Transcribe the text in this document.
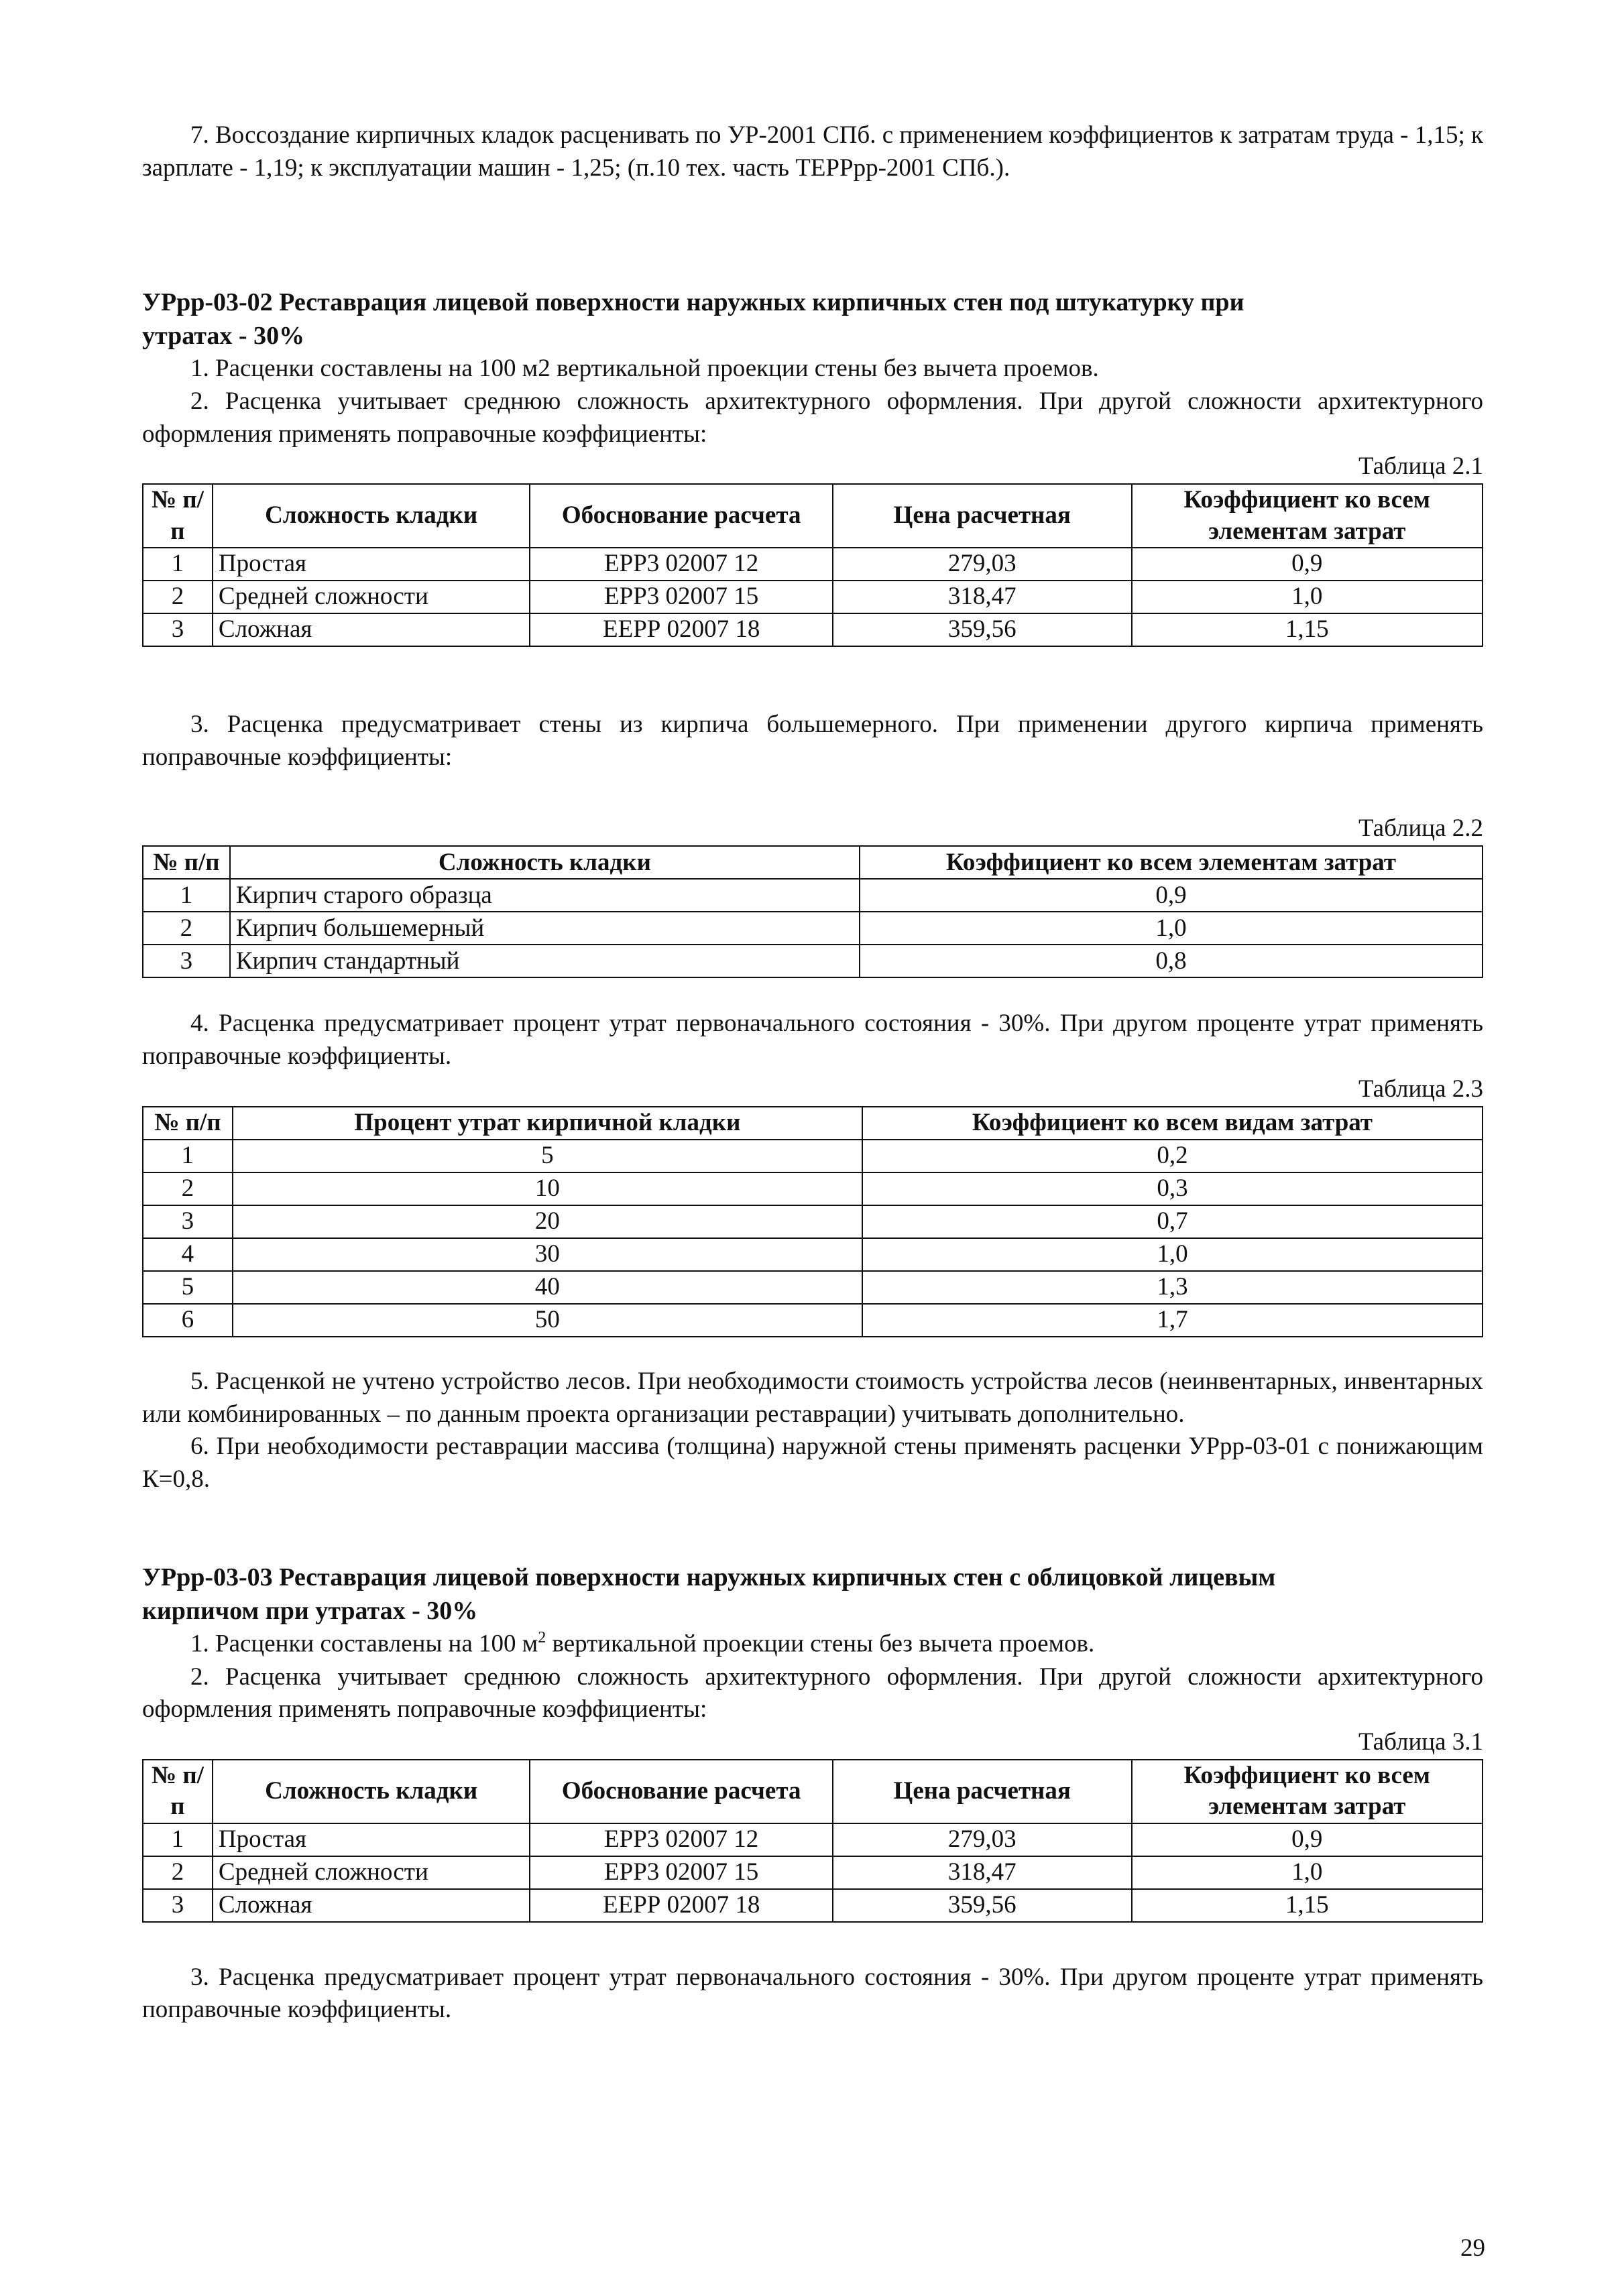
7. Воссоздание кирпичных кладок расценивать по УР-2001 СПб. с применением коэффициентов к затратам труда - 1,15; к зарплате - 1,19; к эксплуатации машин - 1,25; (п.10 тех. часть ТЕРРрр-2001 СПб.).

УРрр-03-02 Реставрация лицевой поверхности наружных кирпичных стен под штукатурку при
утратах - 30%

1. Расценки составлены на 100 м2 вертикальной проекции стены без вычета проемов.

2. Расценка учитывает среднюю сложность архитектурного оформления. При другой сложности архитектурного оформления применять поправочные коэффициенты:

Таблица 2.1

№ п/п	Сложность кладки	Обоснование расчета	Цена расчетная	Коэффициент ко всем элементам затрат
1	Простая	ЕРР3 02007 12	279,03	0,9
2	Средней сложности	ЕРР3 02007 15	318,47	1,0
3	Сложная	ЕЕРР 02007 18	359,56	1,15

3. Расценка предусматривает стены из кирпича большемерного. При применении другого кирпича применять поправочные коэффициенты:

Таблица 2.2

№ п/п	Сложность кладки	Коэффициент ко всем элементам затрат
1	Кирпич старого образца	0,9
2	Кирпич большемерный	1,0
3	Кирпич стандартный	0,8

4. Расценка предусматривает процент утрат первоначального состояния - 30%. При другом проценте утрат применять поправочные коэффициенты.

Таблица 2.3

№ п/п	Процент утрат кирпичной кладки	Коэффициент ко всем видам затрат
1	5	0,2
2	10	0,3
3	20	0,7
4	30	1,0
5	40	1,3
6	50	1,7

5. Расценкой не учтено устройство лесов. При необходимости стоимость устройства лесов (неинвентарных, инвентарных или комбинированных – по данным проекта организации реставрации) учитывать дополнительно.

6. При необходимости реставрации массива (толщина) наружной стены применять расценки УРрр-03-01 с понижающим К=0,8.

УРрр-03-03 Реставрация лицевой поверхности наружных кирпичных стен с облицовкой лицевым
кирпичом при утратах - 30%

1. Расценки составлены на 100 $м^2$ вертикальной проекции стены без вычета проемов.

2. Расценка учитывает среднюю сложность архитектурного оформления. При другой сложности архитектурного оформления применять поправочные коэффициенты:

Таблица 3.1

№ п/п	Сложность кладки	Обоснование расчета	Цена расчетная	Коэффициент ко всем элементам затрат
1	Простая	ЕРР3 02007 12	279,03	0,9
2	Средней сложности	ЕРР3 02007 15	318,47	1,0
3	Сложная	ЕЕРР 02007 18	359,56	1,15

3. Расценка предусматривает процент утрат первоначального состояния - 30%. При другом проценте утрат применять поправочные коэффициенты.

29
